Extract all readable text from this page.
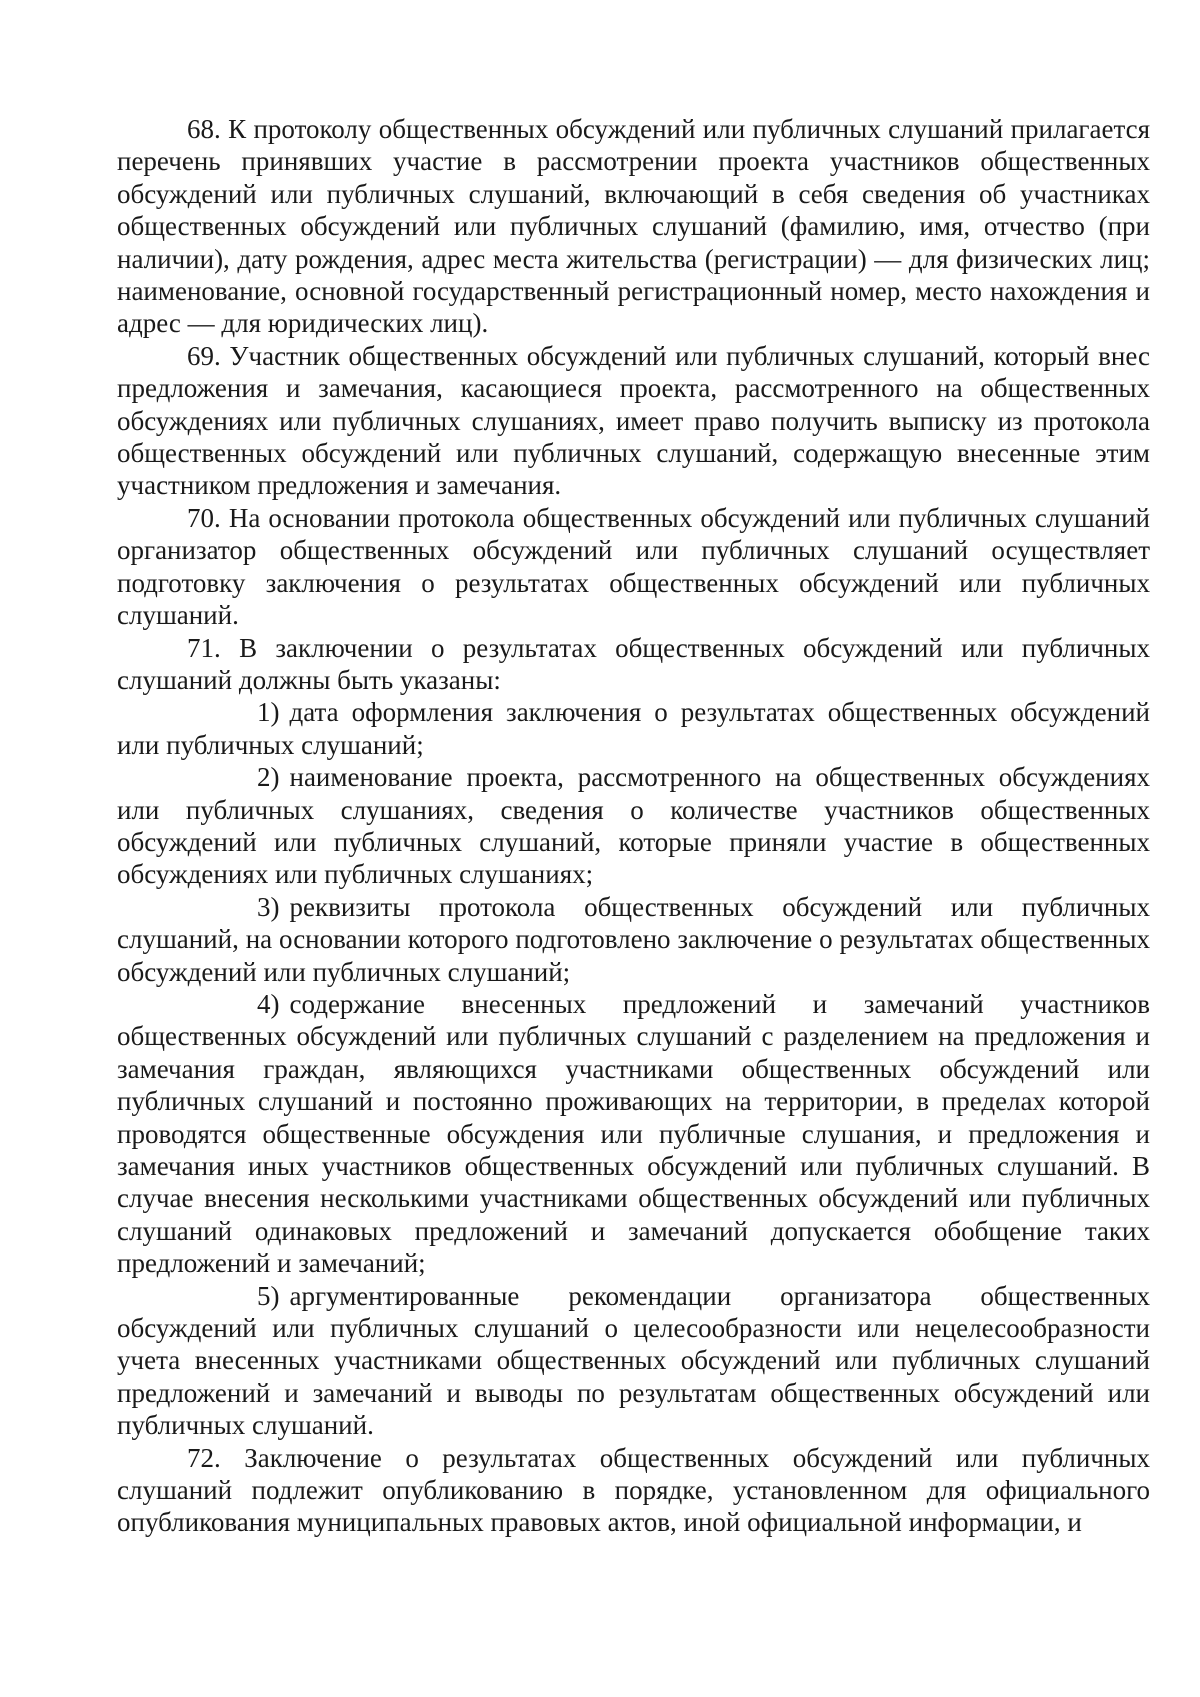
68. К протоколу общественных обсуждений или публичных слушаний прилагается перечень принявших участие в рассмотрении проекта участников общественных обсуждений или публичных слушаний, включающий в себя сведения об участниках общественных обсуждений или публичных слушаний (фамилию, имя, отчество (при наличии), дату рождения, адрес места жительства (регистрации) — для физических лиц; наименование, основной государственный регистрационный номер, место нахождения и адрес — для юридических лиц).

69. Участник общественных обсуждений или публичных слушаний, который внес предложения и замечания, касающиеся проекта, рассмотренного на общественных обсуждениях или публичных слушаниях, имеет право получить выписку из протокола общественных обсуждений или публичных слушаний, содержащую внесенные этим участником предложения и замечания.

70. На основании протокола общественных обсуждений или публичных слушаний организатор общественных обсуждений или публичных слушаний осуществляет подготовку заключения о результатах общественных обсуждений или публичных слушаний.

71. В заключении о результатах общественных обсуждений или публичных слушаний должны быть указаны:

1) дата оформления заключения о результатах общественных обсуждений или публичных слушаний;

2) наименование проекта, рассмотренного на общественных обсуждениях или публичных слушаниях, сведения о количестве участников общественных обсуждений или публичных слушаний, которые приняли участие в общественных обсуждениях или публичных слушаниях;

3) реквизиты протокола общественных обсуждений или публичных слушаний, на основании которого подготовлено заключение о результатах общественных обсуждений или публичных слушаний;

4) содержание внесенных предложений и замечаний участников общественных обсуждений или публичных слушаний с разделением на предложения и замечания граждан, являющихся участниками общественных обсуждений или публичных слушаний и постоянно проживающих на территории, в пределах которой проводятся общественные обсуждения или публичные слушания, и предложения и замечания иных участников общественных обсуждений или публичных слушаний. В случае внесения несколькими участниками общественных обсуждений или публичных слушаний одинаковых предложений и замечаний допускается обобщение таких предложений и замечаний;

5) аргументированные рекомендации организатора общественных обсуждений или публичных слушаний о целесообразности или нецелесообразности учета внесенных участниками общественных обсуждений или публичных слушаний предложений и замечаний и выводы по результатам общественных обсуждений или публичных слушаний.

72. Заключение о результатах общественных обсуждений или публичных слушаний подлежит опубликованию в порядке, установленном для официального опубликования муниципальных правовых актов, иной официальной информации, и
